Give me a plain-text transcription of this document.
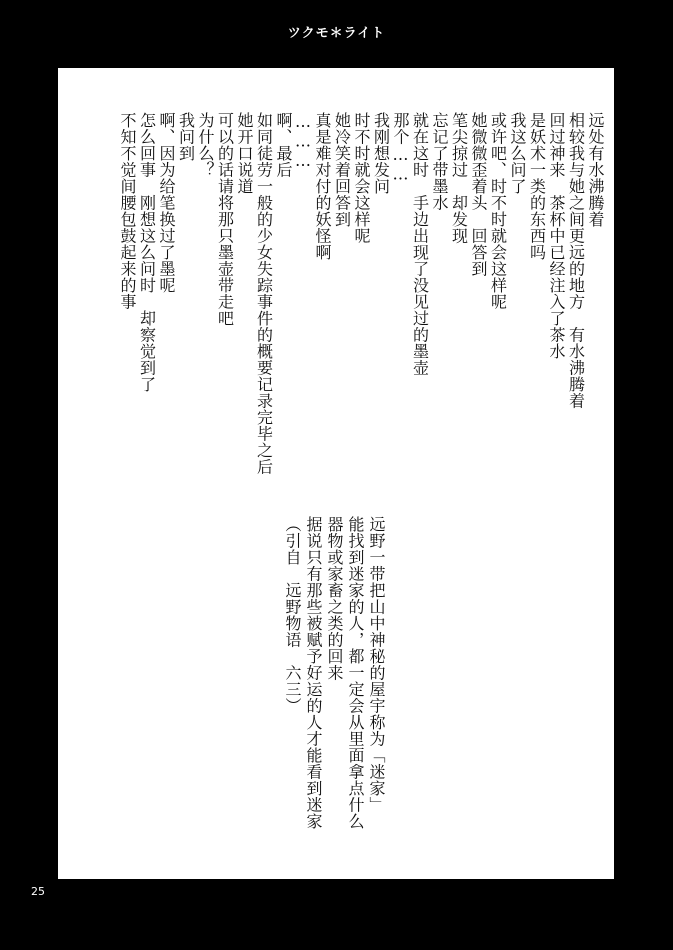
ツクモ＊ライト
远处有水沸腾着
相较我与她之间更远的地方　有水沸腾着
回过神来　茶杯中已经注入了茶水
是妖术一类的东西吗
我这么问了
或许吧、时不时就会这样呢
她微微歪着头　回答到
笔尖掠过　却发现
忘记了带墨水
就在这时　手边出现了没见过的墨壶
那个……
我刚想发问
时不时就会这样呢
她冷笑着回答到
真是难对付的妖怪啊
………
啊、最后
如同徒劳一般的少女失踪事件的概要记录完毕之后
她开口说道
可以的话请将那只墨壶带走吧
为什么？
我问到
啊、因为给笔换过了墨呢
怎么回事　刚想这么问时　却察觉到了
不知不觉间腰包鼓起来的事
远野一带把山中神秘的屋宇称为「迷家」
能找到迷家的人，都一定会从里面拿点什么
器物或家畜之类的回来
据说只有那些被赋予好运的人才能看到迷家
（引自　远野物语　六三）
25
